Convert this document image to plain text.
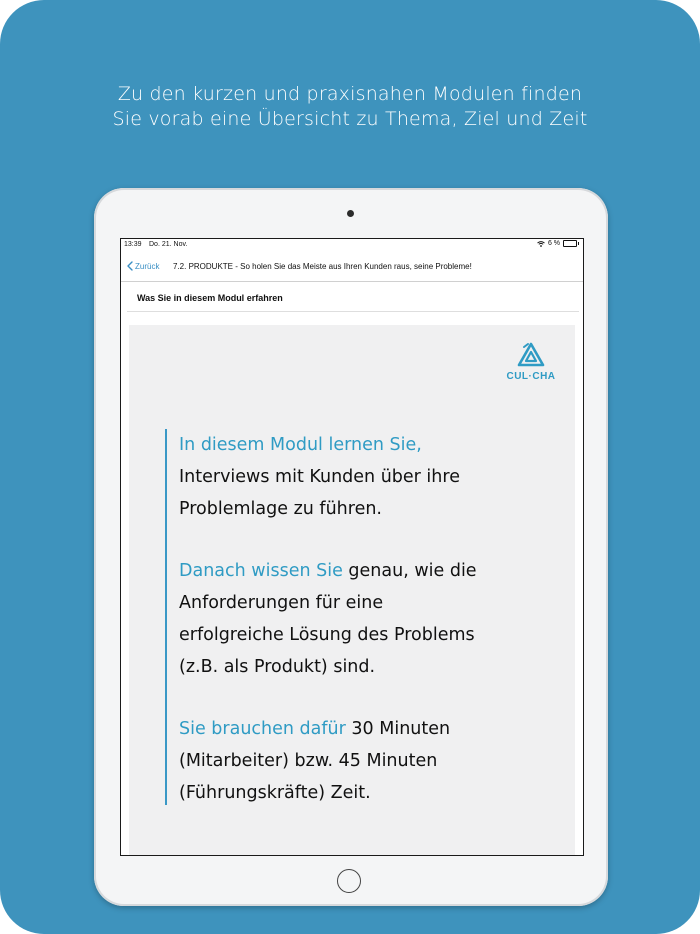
Zu den kurzen und praxisnahen Modulen finden
Sie vorab eine Übersicht zu Thema, Ziel und Zeit
13:39 Do. 21. Nov.	6 %
Zurück 7.2. PRODUKTE - So holen Sie das Meiste aus Ihren Kunden raus, seine Probleme!
Was Sie in diesem Modul erfahren
CUL·CHA

In diesem Modul lernen Sie,
Interviews mit Kunden über ihre
Problemlage zu führen.

Danach wissen Sie genau, wie die
Anforderungen für eine
erfolgreiche Lösung des Problems
(z.B. als Produkt) sind.

Sie brauchen dafür 30 Minuten
(Mitarbeiter) bzw. 45 Minuten
(Führungskräfte) Zeit.
